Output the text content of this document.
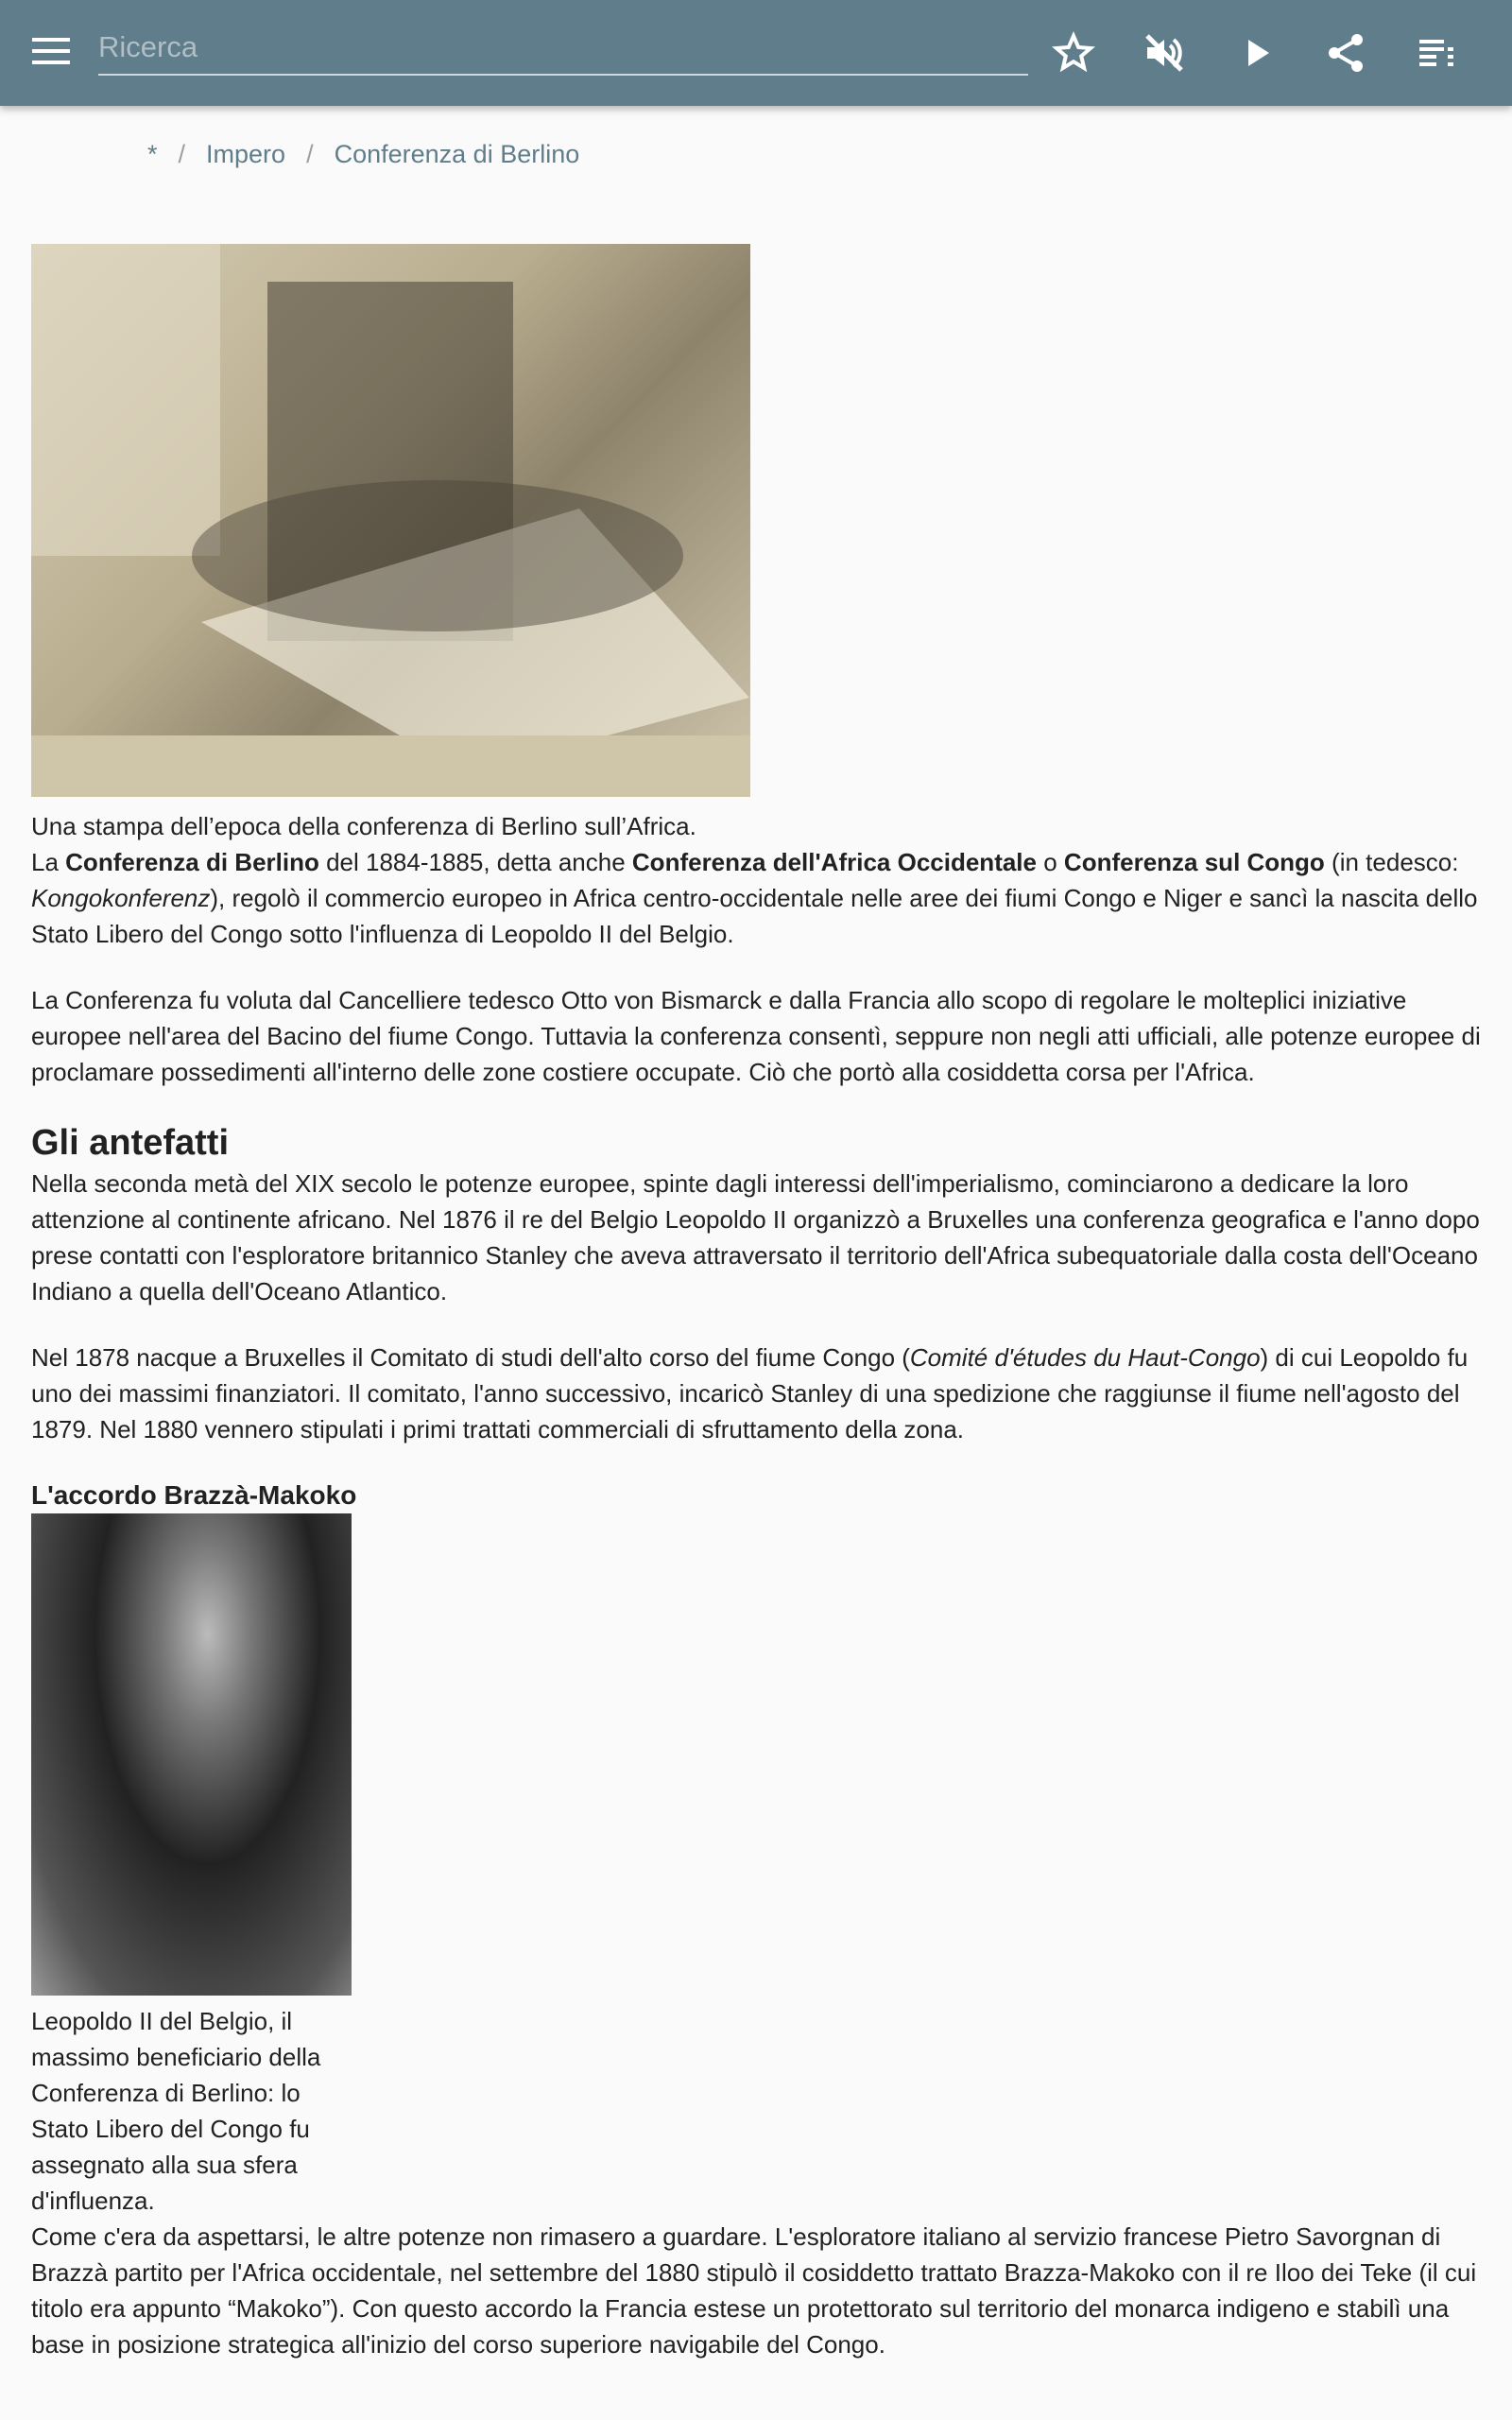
Ricerca
* / Impero / Conferenza di Berlino
Una stampa dell’epoca della conferenza di Berlino sull’Africa.

La Conferenza di Berlino del 1884-1885, detta anche Conferenza dell'Africa Occidentale o Conferenza sul Congo (in tedesco: Kongokonferenz), regolò il commercio europeo in Africa centro-occidentale nelle aree dei fiumi Congo e Niger e sancì la nascita dello Stato Libero del Congo sotto l'influenza di Leopoldo II del Belgio.

La Conferenza fu voluta dal Cancelliere tedesco Otto von Bismarck e dalla Francia allo scopo di regolare le molteplici iniziative europee nell'area del Bacino del fiume Congo. Tuttavia la conferenza consentì, seppure non negli atti ufficiali, alle potenze europee di proclamare possedimenti all'interno delle zone costiere occupate. Ciò che portò alla cosiddetta corsa per l'Africa.

Gli antefatti

Nella seconda metà del XIX secolo le potenze europee, spinte dagli interessi dell'imperialismo, cominciarono a dedicare la loro attenzione al continente africano. Nel 1876 il re del Belgio Leopoldo II organizzò a Bruxelles una conferenza geografica e l'anno dopo prese contatti con l'esploratore britannico Stanley che aveva attraversato il territorio dell'Africa subequatoriale dalla costa dell'Oceano Indiano a quella dell'Oceano Atlantico.

Nel 1878 nacque a Bruxelles il Comitato di studi dell'alto corso del fiume Congo (Comité d'études du Haut-Congo) di cui Leopoldo fu uno dei massimi finanziatori. Il comitato, l'anno successivo, incaricò Stanley di una spedizione che raggiunse il fiume nell'agosto del 1879. Nel 1880 vennero stipulati i primi trattati commerciali di sfruttamento della zona.

L'accordo Brazzà-Makoko
Leopoldo II del Belgio, il massimo beneficiario della Conferenza di Berlino: lo Stato Libero del Congo fu assegnato alla sua sfera d'influenza.

Come c'era da aspettarsi, le altre potenze non rimasero a guardare. L'esploratore italiano al servizio francese Pietro Savorgnan di Brazzà partito per l'Africa occidentale, nel settembre del 1880 stipulò il cosiddetto trattato Brazza-Makoko con il re Iloo dei Teke (il cui titolo era appunto “Makoko”). Con questo accordo la Francia estese un protettorato sul territorio del monarca indigeno e stabilì una base in posizione strategica all'inizio del corso superiore navigabile del Congo.
